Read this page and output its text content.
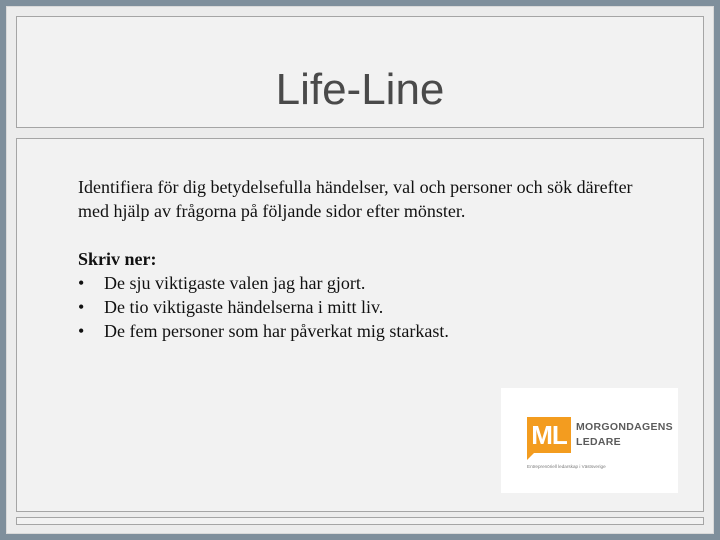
Life-Line

Identifiera för dig betydelsefulla händelser, val och personer och sök därefter med hjälp av frågorna på följande sidor efter mönster.

Skriv ner:

• De sju viktigaste valen jag har gjort.
• De tio viktigaste händelserna i mitt liv.
• De fem personer som har påverkat mig starkast.
ML MORGONDAGENS
LEDARE
Entreprenöriell ledarskap i Västsverige
